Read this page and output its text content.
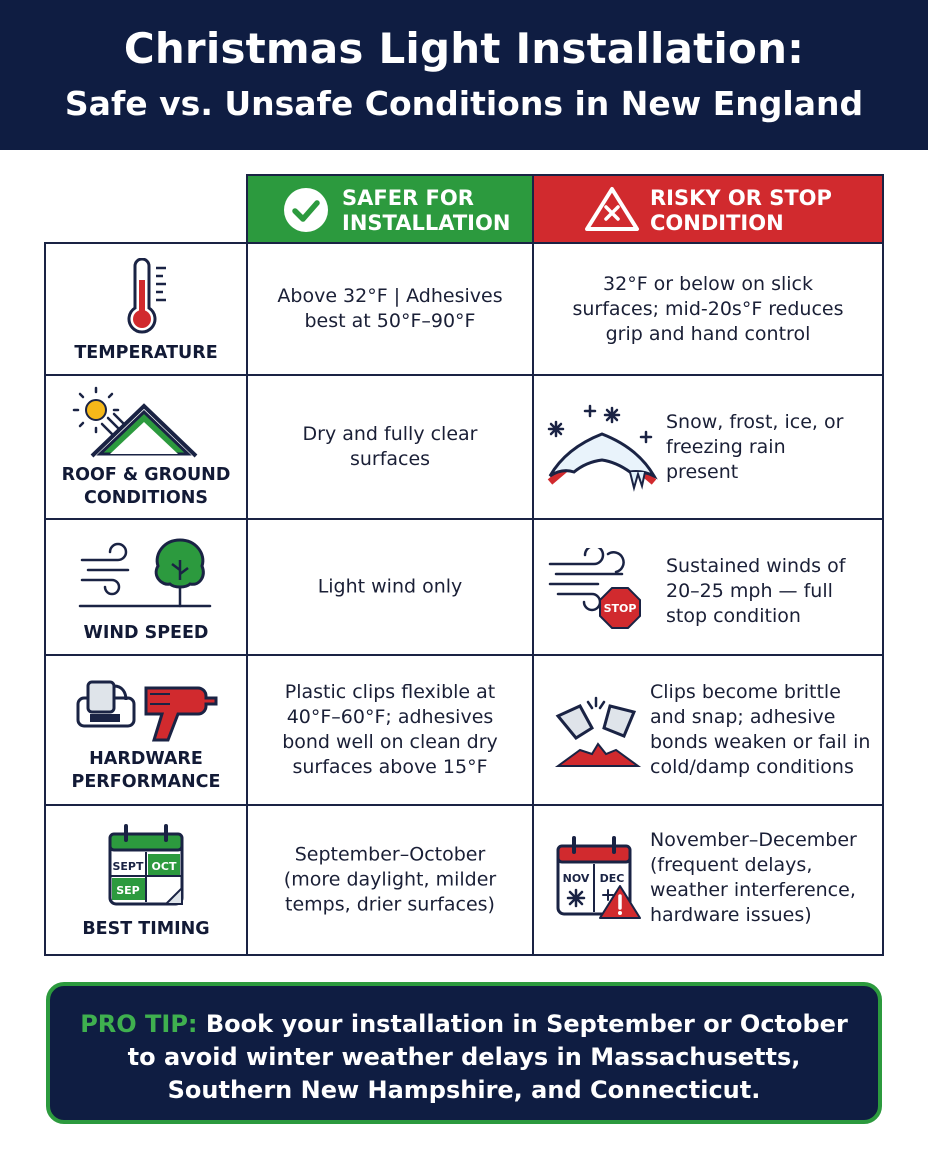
Christmas Light Installation:
Safe vs. Unsafe Conditions in New England
SAFER FOR
INSTALLATION
RISKY OR STOP
CONDITION
TEMPERATURE
Above 32°F | Adhesives
best at 50°F–90°F
32°F or below on slick
surfaces; mid-20s°F reduces
grip and hand control
ROOF & GROUND
CONDITIONS
Dry and fully clear
surfaces
Snow, frost, ice, or
freezing rain
present
WIND SPEED
Light wind only
STOP
Sustained winds of
20–25 mph — full
stop condition
HARDWARE
PERFORMANCE
Plastic clips flexible at
40°F–60°F; adhesives
bond well on clean dry
surfaces above 15°F
Clips become brittle
and snap; adhesive
bonds weaken or fail in
cold/damp conditions
SEPT OCT
SEP
BEST TIMING
September–October
(more daylight, milder
temps, drier surfaces)
NOV DEC
November–December
(frequent delays,
weather interference,
hardware issues)
PRO TIP: Book your installation in September or October
to avoid winter weather delays in Massachusetts,
Southern New Hampshire, and Connecticut.
